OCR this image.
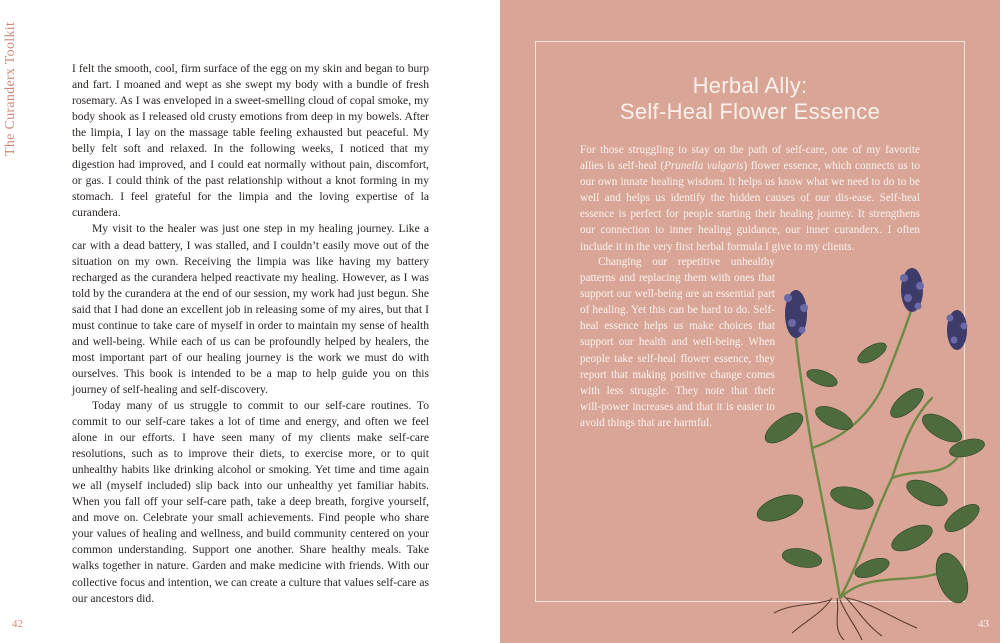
The Curanderx Toolkit	I felt the smooth, cool, firm surface of the egg on my skin and began to burp and fart. I moaned and wept as she swept my body with a bundle of fresh rosemary. As I was enveloped in a sweet-smelling cloud of copal smoke, my body shook as I released old crusty emotions from deep in my bowels. After the limpia, I lay on the massage table feeling exhausted but peaceful. My belly felt soft and relaxed. In the following weeks, I noticed that my digestion had improved, and I could eat normally without pain, discomfort, or gas. I could think of the past relationship without a knot forming in my stomach. I feel grateful for the limpia and the loving expertise of la curandera.

My visit to the healer was just one step in my healing journey. Like a car with a dead battery, I was stalled, and I couldn’t easily move out of the situation on my own. Receiving the limpia was like having my battery recharged as the curandera helped reactivate my healing. However, as I was told by the curandera at the end of our session, my work had just begun. She said that I had done an excellent job in releasing some of my aires, but that I must continue to take care of myself in order to maintain my sense of health and well-being. While each of us can be profoundly helped by healers, the most important part of our healing journey is the work we must do with ourselves. This book is intended to be a map to help guide you on this journey of self-healing and self-discovery.

Today many of us struggle to commit to our self-care routines. To commit to our self-care takes a lot of time and energy, and often we feel alone in our efforts. I have seen many of my clients make self-care resolutions, such as to improve their diets, to exercise more, or to quit unhealthy habits like drinking alcohol or smoking. Yet time and time again we all (myself included) slip back into our unhealthy yet familiar habits. When you fall off your self-care path, take a deep breath, forgive yourself, and move on. Celebrate your small achievements. Find people who share your values of healing and wellness, and build community centered on your common understanding. Support one another. Share healthy meals. Take walks together in nature. Garden and make medicine with friends. With our collective focus and intention, we can create a culture that values self-care as our ancestors did.

42
Herbal Ally:
Self-Heal Flower Essence

For those struggling to stay on the path of self-care, one of my favorite allies is self-heal (Prunella vulgaris) flower essence, which connects us to our own innate healing wisdom. It helps us know what we need to do to be well and helps us identify the hidden causes of our dis-ease. Self-heal essence is perfect for people starting their healing journey. It strengthens our connection to inner healing guidance, our inner curanderx. I often include it in the very first herbal formula I give to my clients.

Changing our repetitive unhealthy
patterns and replacing them with ones that support our well-being are an essential part of healing. Yet this can be hard to do. Self-heal essence helps us make choices that support our health and well-being. When people take self-heal flower essence, they report that making positive change comes with less struggle. They note that their will-power increases and that it is easier to avoid things that are harmful.
43
